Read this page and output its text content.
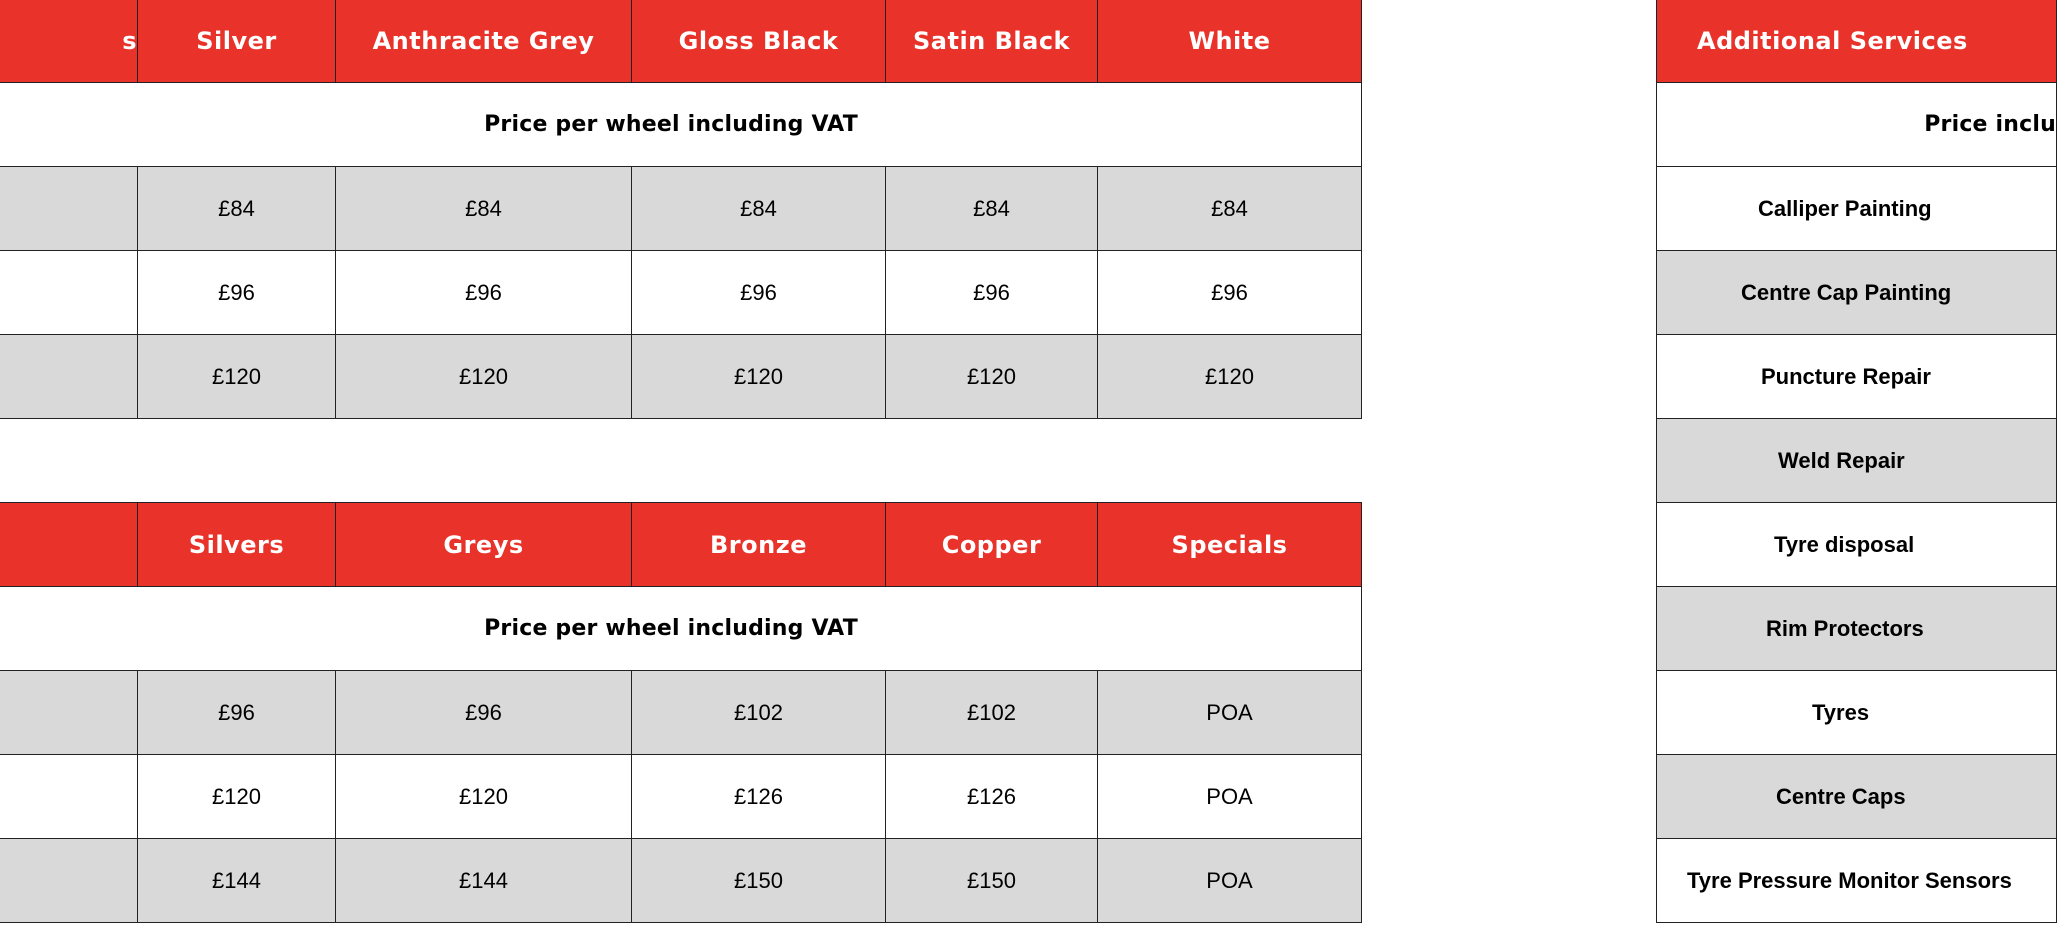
s	Silver	Anthracite Grey	Gloss Black	Satin Black	White
Price per wheel including VAT					
	£84	£84	£84	£84	£84
	£96	£96	£96	£96	£96
	£120	£120	£120	£120	£120
	Silvers	Greys	Bronze	Copper	Specials
Price per wheel including VAT					
	£96	£96	£102	£102	POA
	£120	£120	£126	£126	POA
	£144	£144	£150	£150	POA
Additional Services
Price inclu
Calliper Painting
Centre Cap Painting
Puncture Repair
Weld Repair
Tyre disposal
Rim Protectors
Tyres
Centre Caps
Tyre Pressure Monitor Sensors
